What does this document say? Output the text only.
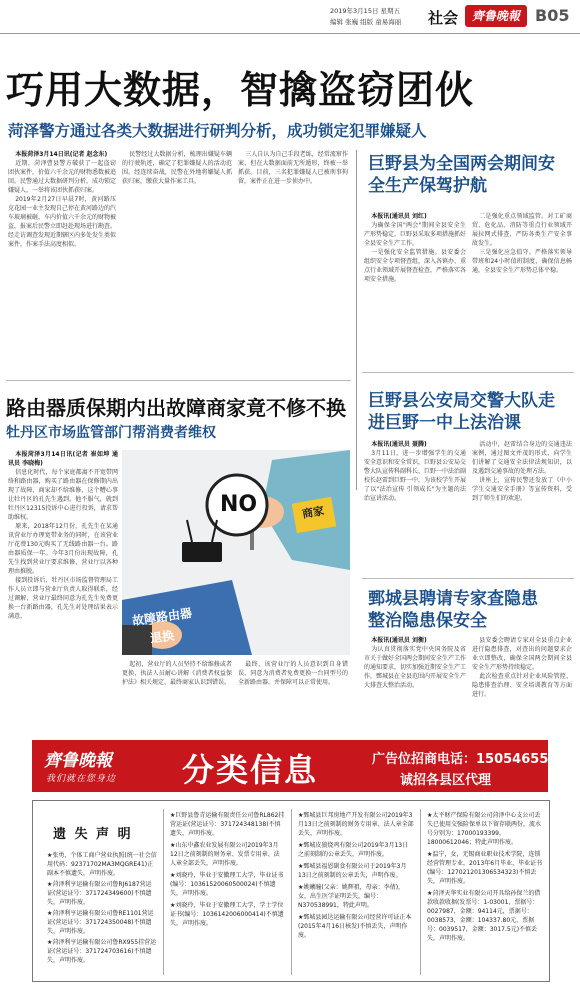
2019年3月15日 星期五
编辑 张巍 组版 童易海丽 社会	齊鲁晚報 B05
巧用大数据，智擒盗窃团伙
菏泽警方通过各类大数据进行研判分析，成功锁定犯罪嫌疑人

本报菏泽3月14日讯(记者 赵念东)

近期，菏泽曹县警方破获了一起盗窃团伙案件，价值六千余元的财物悉数被追回。民警通过大数据研判分析，成功锁定嫌疑人，一举将该团伙抓获归案。

2019年2月27日早晨7时，黄河路压克花园一业主发现自己停在黄河路边的汽车玻璃被砸，车内价值六千余元的财物被盗，报案后民警立即赶赴现场进行勘查。经走访调查发现近期辖区内多处发生类似案件，作案手法高度相似。

民警经过大数据分析，梳理出嫌疑车辆的行驶轨迹，确定了犯罪嫌疑人的活动范围。经连续奋战，民警在外地将嫌疑人抓获归案，缴获大量作案工具。

三人自认为自己手段老练，经常流窜作案，但在大数据面前无所遁形，终被一举抓获。目前，三名犯罪嫌疑人已被刑事拘留，案件正在进一步侦办中。

巨野县为全国两会期间安全生产保驾护航

本报讯(通讯员 刘红)

为确保全国"两会"期间全县安全生产形势稳定，巨野县采取多项措施抓好全县安全生产工作。

一是强化安全监管措施。县安委会组织安全专项督查组，深入各镇办、重点行业领域开展督查检查，严格落实各项安全措施。

二是强化重点领域监管。对工矿商贸、危化品、消防等重点行业领域开展拉网式排查，严防各类生产安全事故发生。

三是强化应急值守。严格落实领导带班和24小时值班制度，确保信息畅通，全县安全生产形势总体平稳。

路由器质保期内出故障商家竟不修不换
牡丹区市场监管部门帮消费者维权

本报菏泽3月14日讯(记者 崔如坤 通讯员 李晓梅)

信息化时代，每个家庭都离不开宽带网络和路由器，购买了路由器在保修期内出现了故障，商家却不给维修，这个糟心事让牡丹区的孔先生遇到。他不服气，就到牡丹区12315投诉中心进行投诉，请求帮助维权。

原来，2018年12月份，孔先生在某通讯营业厅办理宽带业务的同时，在该营业厅花费130元购买了无线路由器一台。路由器质保一年。今年3月份出现故障，孔先生找到营业厅要求维修，营业厅以各种理由推脱。

接到投诉后，牡丹区市场监督管理局工作人员立即与营业厅负责人取得联系，经过调解，营业厅最终同意为孔先生免费更换一台新路由器，孔先生对处理结果表示满意。

NO	商家
故障路由器
退换

起初，营业厅的人员坚持不给维修或者更换，执法人员耐心讲解《消费者权益保护法》相关规定，最终商家认识到错误。

最终，该营业厅的人员意识到自身错误，同意为消费者免费更换一台同型号的全新路由器，并保障可以正常使用。

巨野县公安局交警大队走进巨野一中上法治课

本报讯(通讯员 聂腾)

3月11日，进一步增强学生的交通安全意识和安全常识，巨野县公安局交警大队宣传科副科长、巨野一中法治副校长赵雷到巨野一中，为该校学生开展了以"法治宣传 引领成长"为主题的法治宣讲活动。

活动中，赵雷结合身边的交通违法案例，通过图文并茂的形式，向学生们讲解了交通安全法律法规知识，以及遇到交通事故的处理方法。

讲座上，宣传民警还发放了《中小学生交通安全手册》等宣传资料，受到了师生们的欢迎。

鄄城县聘请专家查隐患整治隐患保安全

本报讯(通讯员 刘衡)

为认真贯彻落实党中央国务院及省市关于做好全国两会期间安全生产工作的通知要求，切实加强近期安全生产工作，鄄城县在全县范围内开展安全生产大排查大整治活动。

县安委会聘请专家对全县重点企业进行隐患排查，对查出的问题要求企业立即整改，确保全国两会期间全县安全生产形势持续稳定。

此次检查重点针对企业风险管控、隐患排查治理、安全培训教育等方面进行。

齊鲁晚報
我们就在您身边 分类信息	广告位招商电话：15054655267
诚招各县区代理
遗 失 声 明
★张勇，个体工商户营业执照(统一社会信用代码：92371702MA3MQGRE41)正副本不慎遗失，声明作废。
★菏泽利亨运输有限公司鲁RJ6187营运证(营运证号：371724349600)不慎遗失，声明作废。
★菏泽利亨运输有限公司鲁RE1101营运证(营运证号：371724350048)不慎遗失，声明作废。
★菏泽利亨运输有限公司鲁RX955挂营运证(营运证号：371724703616)不慎遗失，声明作废。
★巨野县鲁青运输有限责任公司鲁RL862挂营运证(营运证号：371724348138)不慎遗失，声明作废。
★山东中鑫农业发展有限公司2019年3月12日之前刻制的财务章、发票专用章、法人章全部丢失，声明作废。
★刘晓玲，毕业于安徽理工大学，毕业证书(编号：10361520060500024)不慎遗失，声明作废。
★刘晓玲，毕业于安徽理工大学，学士学位证书(编号：1036142006000414)不慎遗失，声明作废。
★鄄城县巨邦房地产开发有限公司2019年3月13日之前刻制的财务专用章、法人章全部丢失，声明作废。
★鄄城皮狼烧鸡有限公司2019年3月13日之前刻制的公章丢失，声明作废。
★鄄城县福恩副食有限公司于2019年3月13日之前刻制的公章丢失，声明作废。
★姚曦瞳(父亲：姚辉祖，母亲：李倩)，女，出生医学证明丢失，编号：N370538991，特此声明。
★鄄城县园达运输有限公司经营许可证正本(2015年4月16日核发)不慎丢失，声明作废。
★太平财产保险有限公司菏泽中心支公司丢失已使用交强险保单以下留存联两份，流水号分别为：17000193399，18000612046；特此声明作废。
★温宁，女，无锡商业职业技术学院，连锁经营管理专业，2013年6月毕业，毕业证书(编号：127021201306534323)不慎丢失，声明作废。
★菏泽天华实业有限公司开具给孙保兰的借款收款收据(发票号：1-03001，票据号：0027987，金额：94114元，票据号：0038573，金额：104337.80元，票据号：0039517，金额：3017.5元)不慎丢失，声明作废。
